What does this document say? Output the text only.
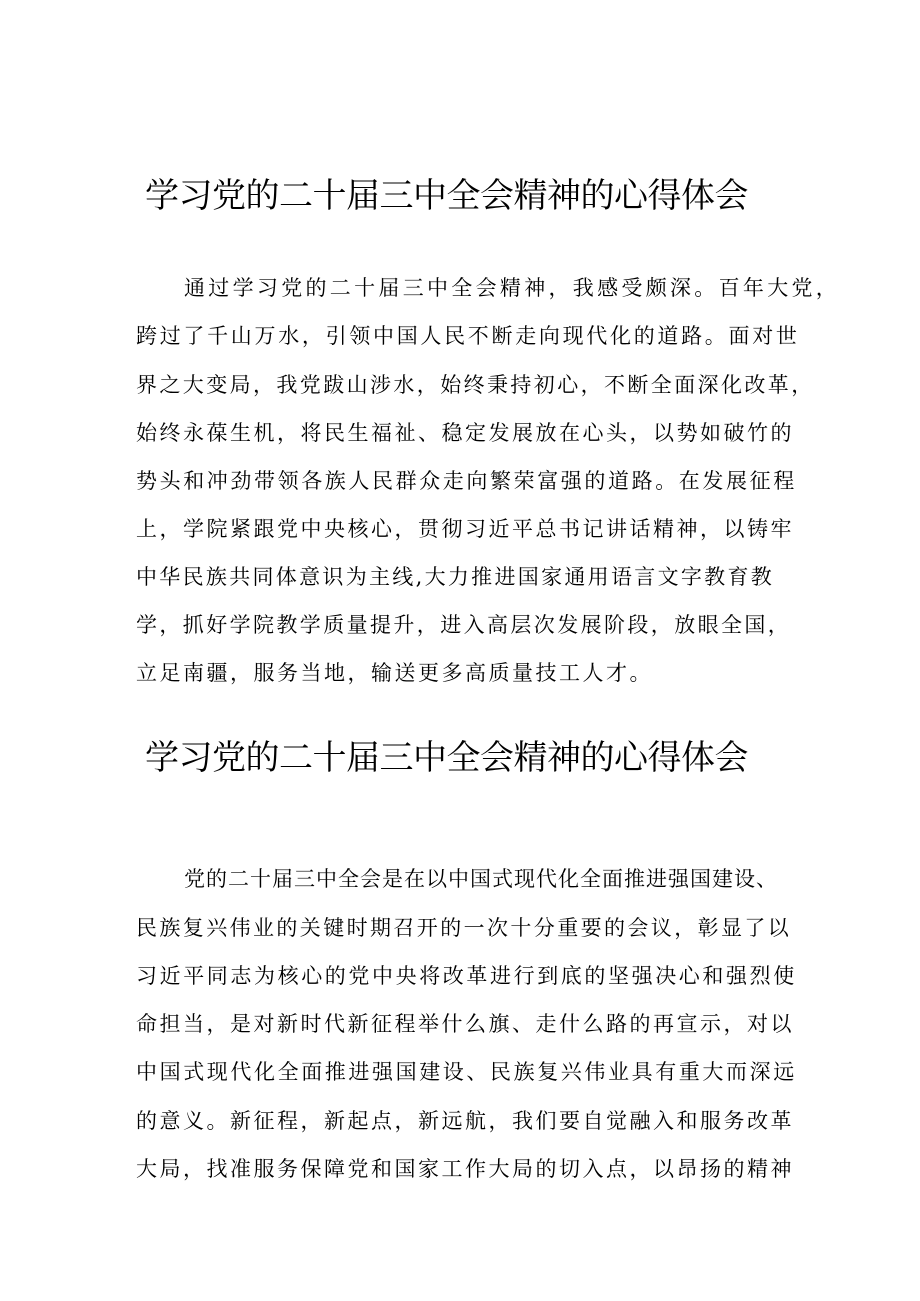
学习党的二十届三中全会精神的心得体会

通过学习党的二十届三中全会精神，我感受颇深。百年大党，

跨过了千山万水，引领中国人民不断走向现代化的道路。面对世

界之大变局，我党跋山涉水，始终秉持初心，不断全面深化改革，

始终永葆生机，将民生福祉、稳定发展放在心头，以势如破竹的

势头和冲劲带领各族人民群众走向繁荣富强的道路。在发展征程

上，学院紧跟党中央核心，贯彻习近平总书记讲话精神，以铸牢

中华民族共同体意识为主线,大力推进国家通用语言文字教育教

学，抓好学院教学质量提升，进入高层次发展阶段，放眼全国，

立足南疆，服务当地，输送更多高质量技工人才。

学习党的二十届三中全会精神的心得体会

党的二十届三中全会是在以中国式现代化全面推进强国建设、

民族复兴伟业的关键时期召开的一次十分重要的会议，彰显了以

习近平同志为核心的党中央将改革进行到底的坚强决心和强烈使

命担当，是对新时代新征程举什么旗、走什么路的再宣示，对以

中国式现代化全面推进强国建设、民族复兴伟业具有重大而深远

的意义。新征程，新起点，新远航，我们要自觉融入和服务改革

大局，找准服务保障党和国家工作大局的切入点，以昂扬的精神
